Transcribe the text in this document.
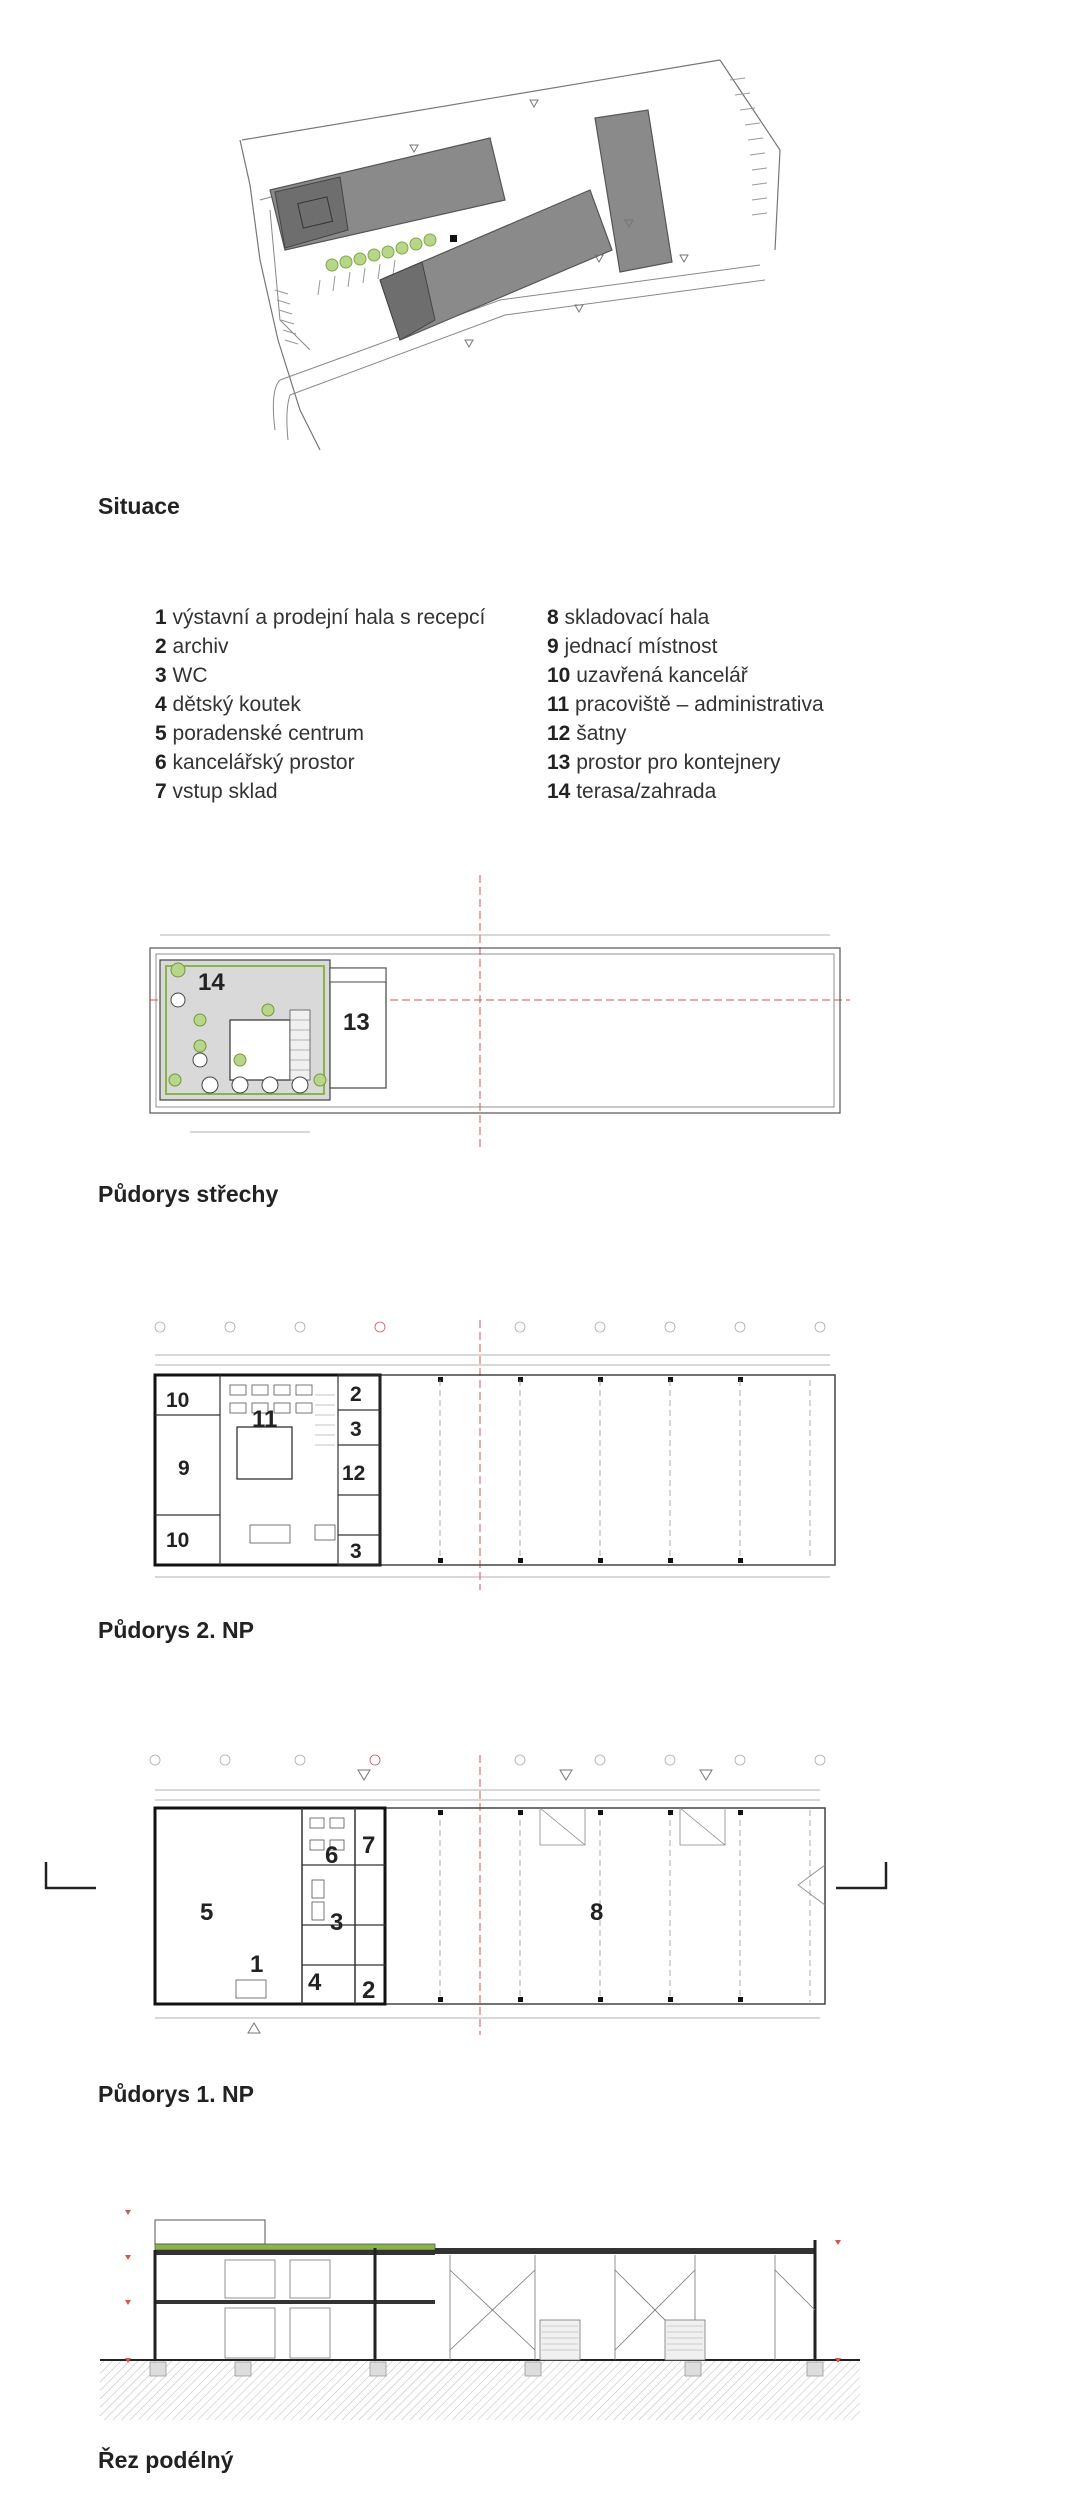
Situace
1 výstavní a prodejní hala s recepcí
2 archiv
3 WC
4 dětský koutek
5 poradenské centrum
6 kancelářský prostor
7 vstup sklad
8 skladovací hala
9 jednací místnost
10 uzavřená kancelář
11 pracoviště – administrativa
12 šatny
13 prostor pro kontejnery
14 terasa/zahrada
14
13
Půdorys střechy
10
9
10
11
2
3
12
3
Půdorys 2. NP
5
1
4
6 7
3
2
8
Půdorys 1. NP
Řez podélný
